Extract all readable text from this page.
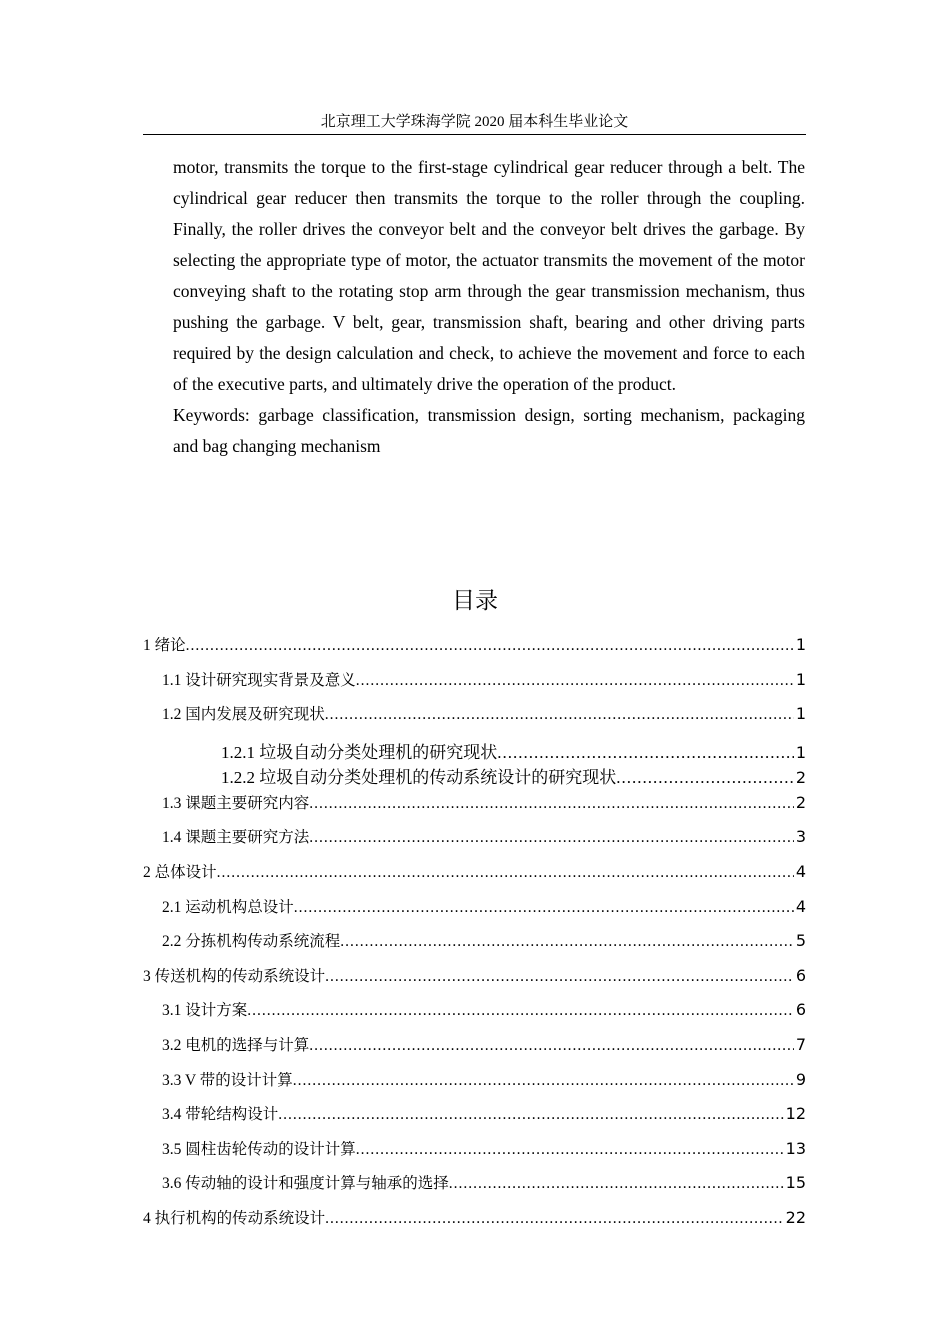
北京理工大学珠海学院 2020 届本科生毕业论文

motor, transmits the torque to the first-stage cylindrical gear reducer through a belt. The cylindrical gear reducer then transmits the torque to the roller through the coupling. Finally, the roller drives the conveyor belt and the conveyor belt drives the garbage. By selecting the appropriate type of motor, the actuator transmits the movement of the motor conveying shaft to the rotating stop arm through the gear transmission mechanism, thus pushing the garbage. V belt, gear, transmission shaft, bearing and other driving parts required by the design calculation and check, to achieve the movement and force to each of the executive parts, and ultimately drive the operation of the product.

Keywords: garbage classification, transmission design, sorting mechanism, packaging and bag changing mechanism

目录
1 绪论 .....	1
1.1 设计研究现实背景及意义 .....	1
1.2 国内发展及研究现状 .....	1
1.2.1 垃圾自动分类处理机的研究现状 .....	1
1.2.2 垃圾自动分类处理机的传动系统设计的研究现状 .....	2
1.3 课题主要研究内容 .....	2
1.4 课题主要研究方法 .....	3
2 总体设计 .....	4
2.1 运动机构总设计 .....	4
2.2 分拣机构传动系统流程 .....	5
3 传送机构的传动系统设计 .....	6
3.1 设计方案 .....	6
3.2 电机的选择与计算 .....	7
3.3 V 带的设计计算 .....	9
3.4 带轮结构设计 .....	12
3.5 圆柱齿轮传动的设计计算 .....	13
3.6 传动轴的设计和强度计算与轴承的选择 .....	15
4 执行机构的传动系统设计 .....	22
